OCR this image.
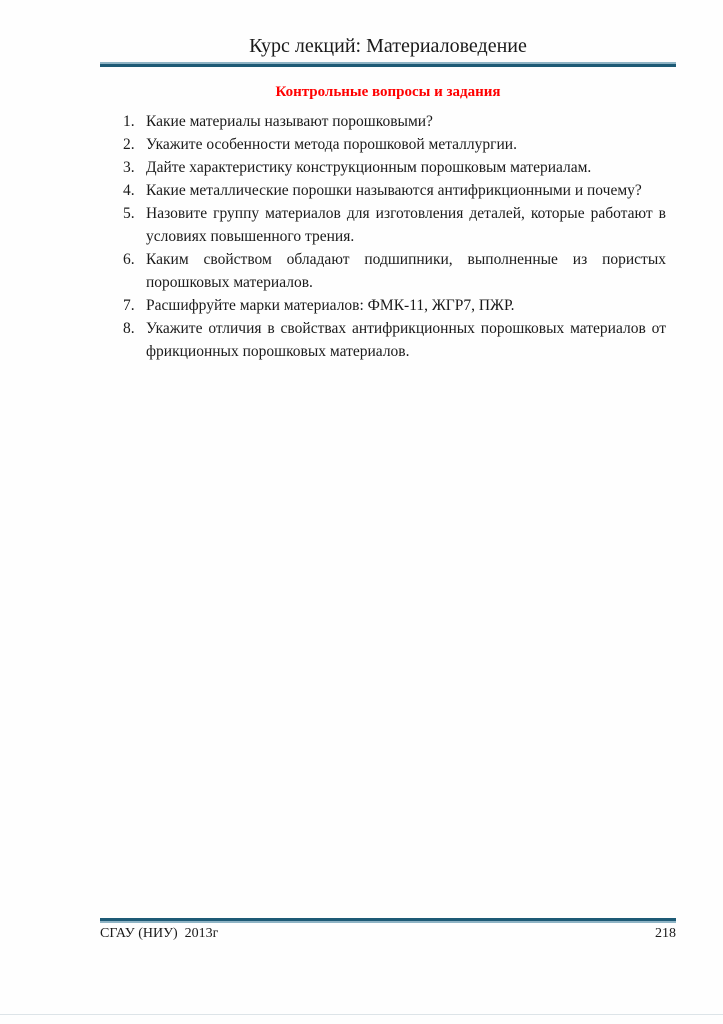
Курс лекций: Материаловедение
Контрольные вопросы и задания
1. Какие материалы называют порошковыми?
2. Укажите особенности метода порошковой металлургии.
3. Дайте характеристику конструкционным порошковым материалам.
4. Какие металлические порошки называются антифрикционными и почему?
5. Назовите группу материалов для изготовления деталей, которые работают в условиях повышенного трения.
6. Каким свойством обладают подшипники, выполненные из пористых порошковых материалов.
7. Расшифруйте марки материалов: ФМК-11, ЖГР7, ПЖР.
8. Укажите отличия в свойствах антифрикционных порошковых материалов от фрикционных порошковых материалов.
СГАУ (НИУ)  2013г	218
